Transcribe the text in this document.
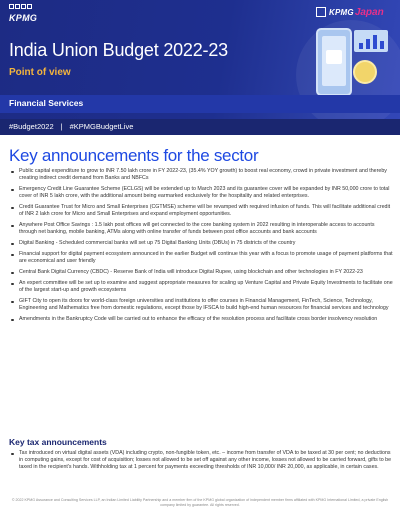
KPMG
KPMG Japan
India Union Budget 2022-23
Point of view
Financial Services
#Budget2022 | #KPMGBudgetLive
Key announcements for the sector
Public capital expenditure to grow to INR 7.50 lakh crore in FY 2022-23, (35.4% YOY growth) to boost real economy, crowd in private investment and thereby creating indirect credit demand from Banks and NBFCs
Emergency Credit Line Guarantee Scheme (ECLGS) will be extended up to March 2023 and its guarantee cover will be expanded by INR 50,000 crore to total cover of INR 5 lakh crore, with the additional amount being earmarked exclusively for the hospitality and related enterprises.
Credit Guarantee Trust for Micro and Small Enterprises (CGTMSE) scheme will be revamped with required infusion of funds. This will facilitate additional credit of INR 2 lakh crore for Micro and Small Enterprises and expand employment opportunities.
Anywhere Post Office Savings : 1.5 lakh post offices will get connected to the core banking system in 2022 resulting in interoperable access to accounts through net banking, mobile banking, ATMs along with online transfer of funds between post office accounts and bank accounts
Digital Banking - Scheduled commercial banks will set up 75 Digital Banking Units (DBUs) in 75 districts of the country
Financial support for digital payment ecosystem announced in the earlier Budget will continue this year with a focus to promote usage of payment platforms that are economical and user friendly
Central Bank Digital Currency (CBDC) - Reserve Bank of India will introduce Digital Rupee, using blockchain and other technologies in FY 2022-23
An expert committee will be set up to examine and suggest appropriate measures for scaling up Venture Capital and Private Equity Investments to facilitate one of the largest start-up and growth ecosystems
GIFT City to open its doors for world-class foreign universities and institutions to offer courses in Financial Management, FinTech, Science, Technology, Engineering and Mathematics free from domestic regulations, except those by IFSCA to build high-end human resources for financial services and technology
Amendments in the Bankruptcy Code will be carried out to enhance the efficacy of the resolution process and facilitate cross border insolvency resolution
Key tax announcements
Tax introduced on virtual digital assets (VDA) including crypto, non-fungible token, etc. – income from transfer of VDA to be taxed at 30 per cent; no deductions in computing gains, except for cost of acquisition; losses not allowed to be set off against any other income, losses not allowed to be carried forward, gifts to be taxed in the recipient's hands. Withholding tax at 1 percent for payments exceeding thresholds of INR 10,000/ INR 20,000, as applicable, in certain cases.
© 2022 KPMG Assurance and Consulting Services LLP, an Indian Limited Liability Partnership and a member firm of the KPMG global organization of independent member firms affiliated with KPMG International Limited, a private English company limited by guarantee. All rights reserved.
